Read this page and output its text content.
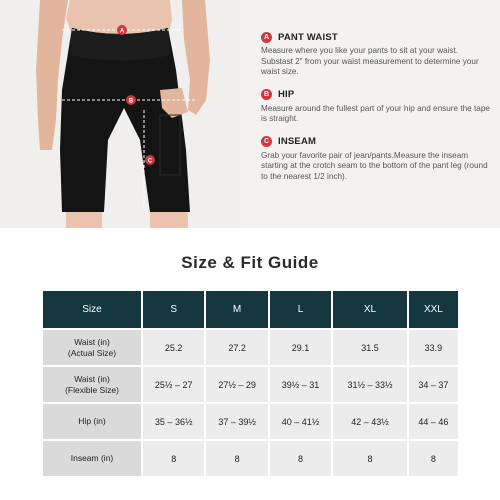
A
B
C
A PANT WAIST
Measure where you like your pants to sit at your waist. Substast 2" from your waist measurement to determine your waist size.
B HIP
Measure around the fullest part of your hip and ensure the tape is straight.
C INSEAM
Grab your favorite pair of jean/pants.Measure the inseam starting at the crotch seam to the bottom of the pant leg (round to the nearest 1/2 inch).
Size & Fit Guide
Size	S	M	L	XL	XXL

Waist (in)
(Actual Size)	25.2	27.2	29.1	31.5	33.9

Waist (in)
(Flexible Size)	25½ – 27	27½ – 29	39½ – 31	31½ – 33½	34 – 37

Hip (in)	35 – 36½	37 – 39½	40 – 41½	42 – 43½	44 – 46

Inseam (in)	8	8	8	8	8
